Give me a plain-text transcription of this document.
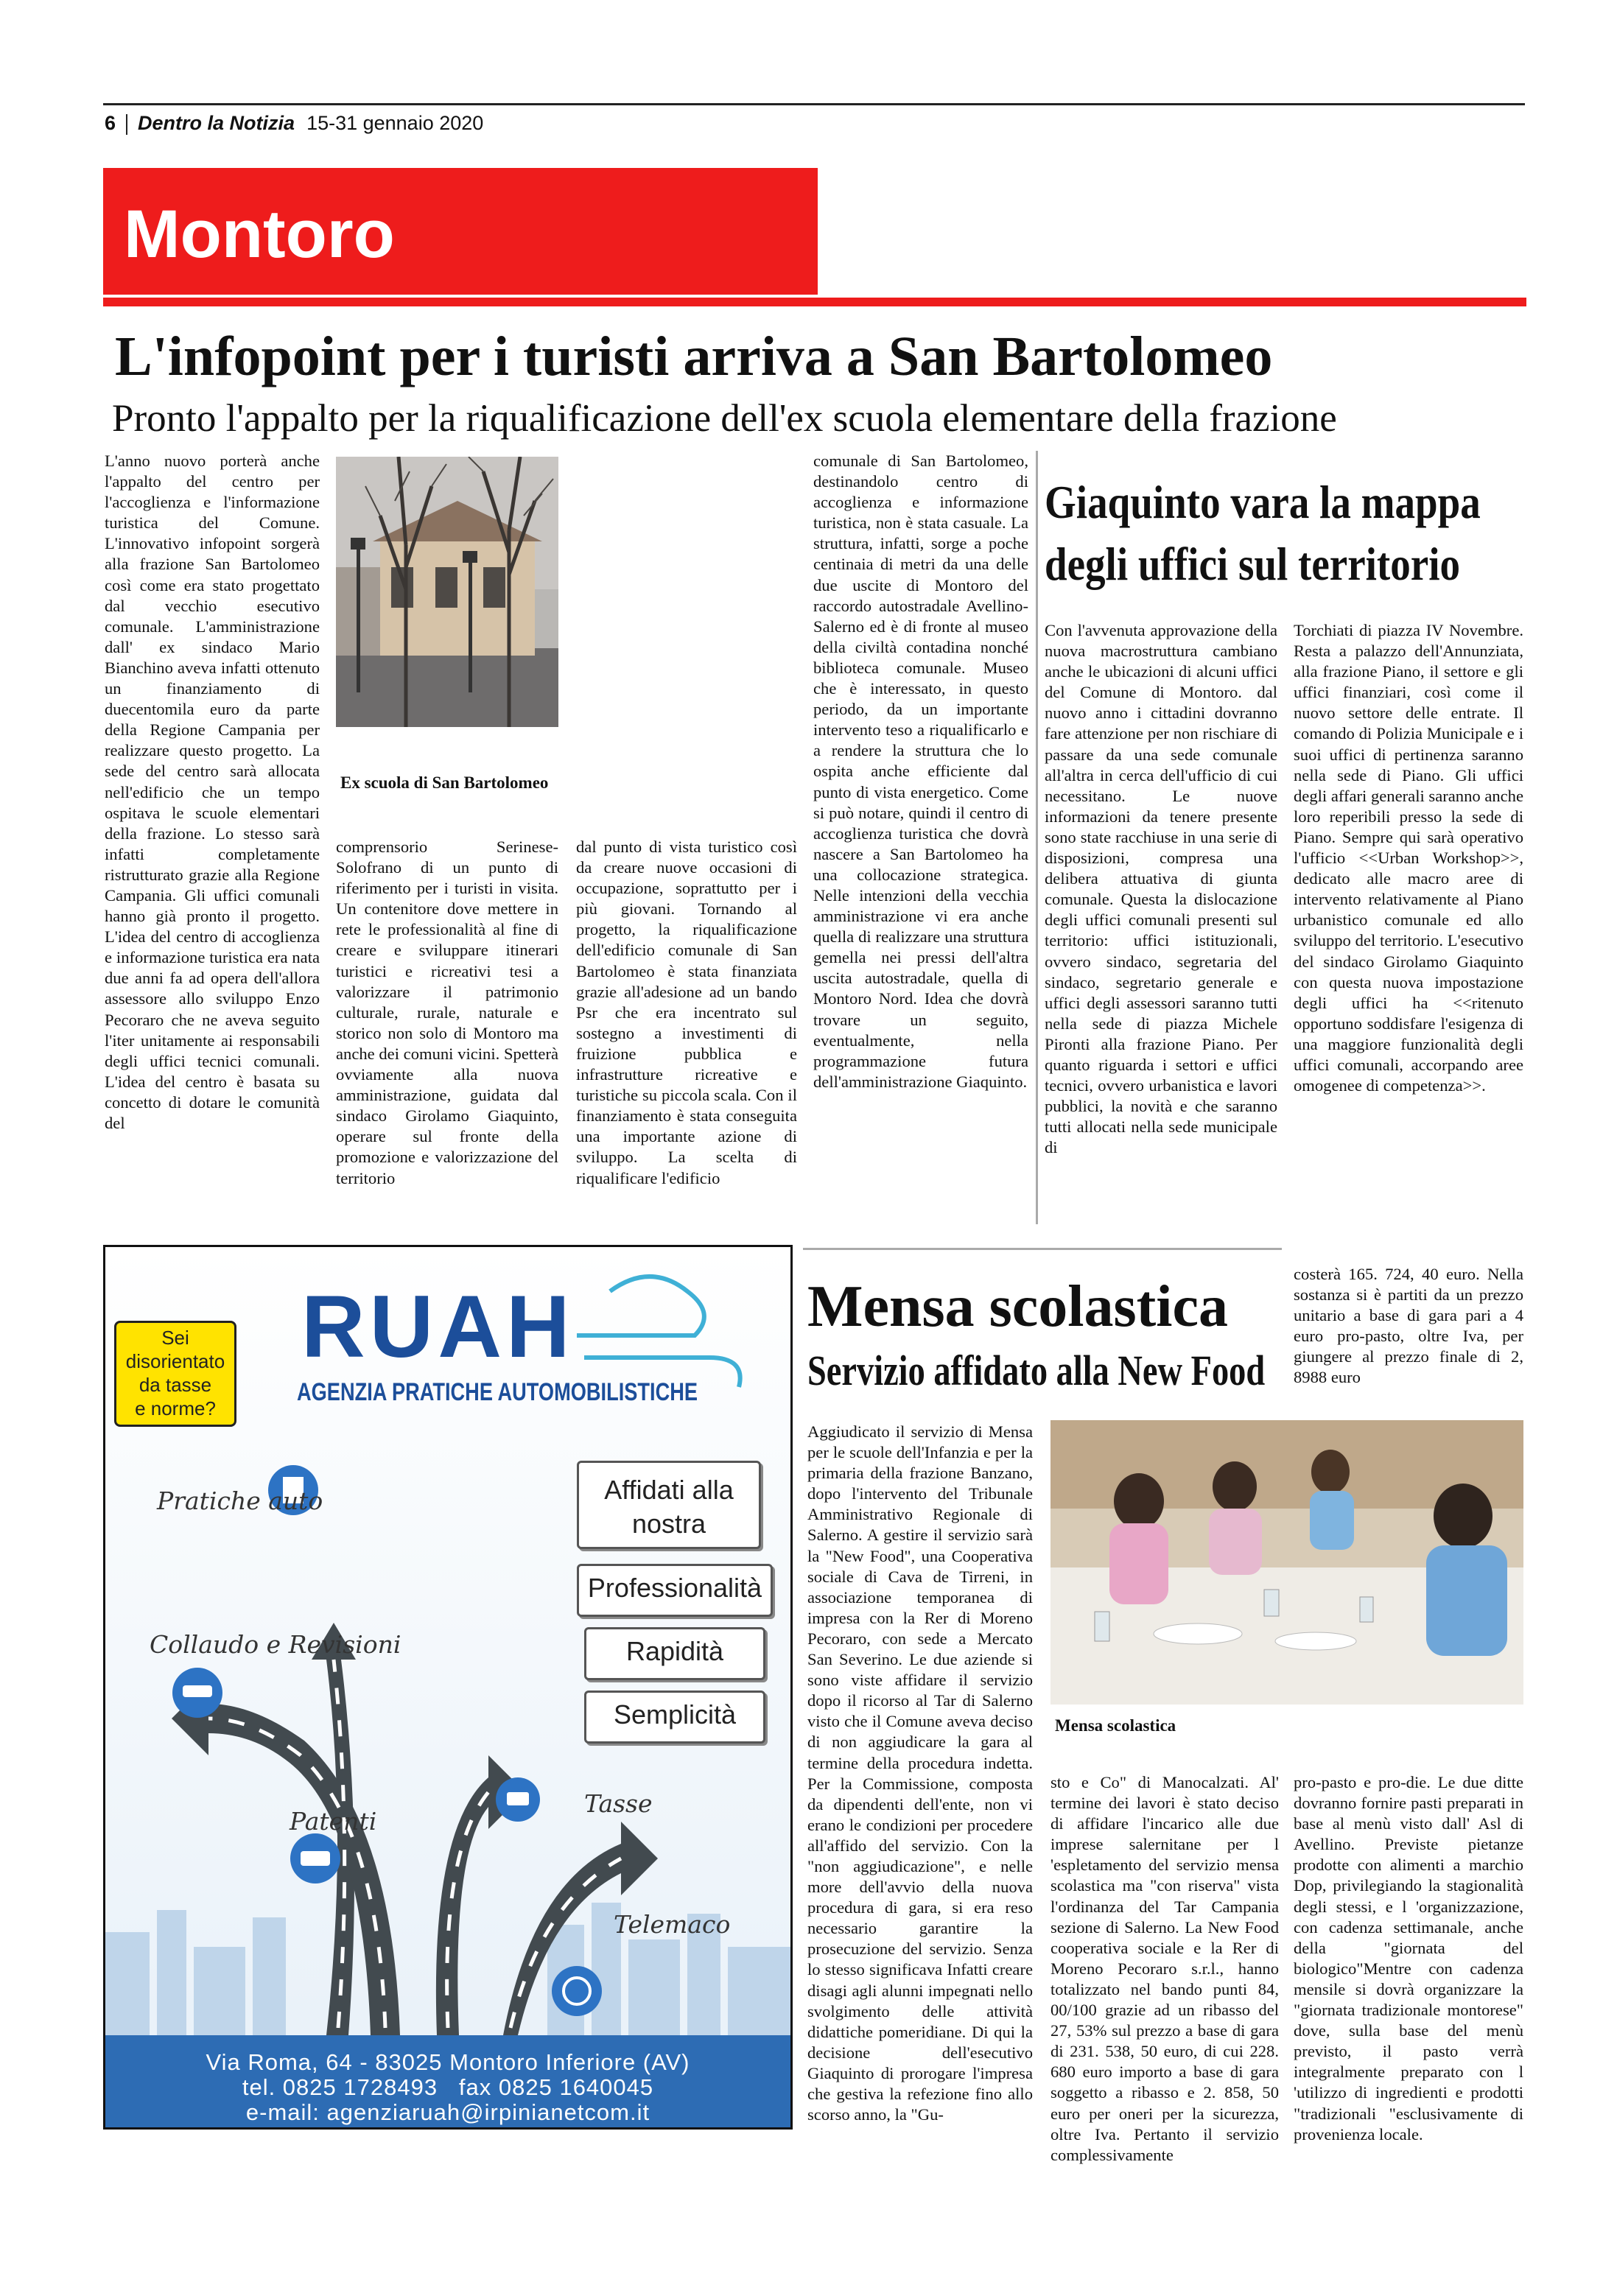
6 Dentro la Notizia 15-31 gennaio 2020
Montoro
L'infopoint per i turisti arriva a San Bartolomeo
Pronto l'appalto per la riqualificazione dell'ex scuola elementare della frazione

L'anno nuovo porterà anche l'appalto del centro per l'accoglienza e l'informazione turistica del Comune. L'innovativo infopoint sorgerà alla frazione San Bartolomeo così come era stato progettato dal vecchio esecutivo comunale. L'amministrazione dall' ex sindaco Mario Bianchino aveva infatti ottenuto un finanziamento di duecentomila euro da parte della Regione Campania per realizzare questo progetto. La sede del centro sarà allocata nell'edificio che un tempo ospitava le scuole elementari della frazione. Lo stesso sarà infatti completamente ristrutturato grazie alla Regione Campania. Gli uffici comunali hanno già pronto il progetto. L'idea del centro di accoglienza e informazione turistica era nata due anni fa ad opera dell'allora assessore allo sviluppo Enzo Pecoraro che ne aveva seguito l'iter unitamente ai responsabili degli uffici tecnici comunali. L'idea del centro è basata su concetto di dotare le comunità del

Ex scuola di San Bartolomeo

comprensorio Serinese-Solofrano di un punto di riferimento per i turisti in visita. Un contenitore dove mettere in rete le professionalità al fine di creare e sviluppare itinerari turistici e ricreativi tesi a valorizzare il patrimonio culturale, rurale, naturale e storico non solo di Montoro ma anche dei comuni vicini. Spetterà ovviamente alla nuova amministrazione, guidata dal sindaco Girolamo Giaquinto, operare sul fronte della promozione e valorizzazione del territorio

dal punto di vista turistico così da creare nuove occasioni di occupazione, soprattutto per i più giovani. Tornando al progetto, la riqualificazione dell'edificio comunale di San Bartolomeo è stata finanziata grazie all'adesione ad un bando Psr che era incentrato sul sostegno a investimenti di fruizione pubblica e infrastrutture ricreative e turistiche su piccola scala. Con il finanziamento è stata conseguita una importante azione di sviluppo. La scelta di riqualificare l'edificio

comunale di San Bartolomeo, destinandolo centro di accoglienza e informazione turistica, non è stata casuale. La struttura, infatti, sorge a poche centinaia di metri da una delle due uscite di Montoro del raccordo autostradale Avellino-Salerno ed è di fronte al museo della civiltà contadina nonché biblioteca comunale. Museo che è interessato, in questo periodo, da un importante intervento teso a riqualificarlo e a rendere la struttura che lo ospita anche efficiente dal punto di vista energetico. Come si può notare, quindi il centro di accoglienza turistica che dovrà nascere a San Bartolomeo ha una collocazione strategica. Nelle intenzioni della vecchia amministrazione vi era anche quella di realizzare una struttura gemella nei pressi dell'altra uscita autostradale, quella di Montoro Nord. Idea che dovrà trovare un seguito, eventualmente, nella programmazione futura dell'amministrazione Giaquinto.

Giaquinto vara la mappa
degli uffici sul territorio

Con l'avvenuta approvazione della nuova macrostruttura cambiano anche le ubicazioni di alcuni uffici del Comune di Montoro. dal nuovo anno i cittadini dovranno fare attenzione per non rischiare di passare da una sede comunale all'altra in cerca dell'ufficio di cui necessitano. Le nuove informazioni da tenere presente sono state racchiuse in una serie di disposizioni, compresa una delibera attuativa di giunta comunale. Questa la dislocazione degli uffici comunali presenti sul territorio: uffici istituzionali, ovvero sindaco, segretaria del sindaco, segretario generale e uffici degli assessori saranno tutti nella sede di piazza Michele Pironti alla frazione Piano. Per quanto riguarda i settori e uffici tecnici, ovvero urbanistica e lavori pubblici, la novità e che saranno tutti allocati nella sede municipale di

Torchiati di piazza IV Novembre. Resta a palazzo dell'Annunziata, alla frazione Piano, il settore e gli uffici finanziari, così come il nuovo settore delle entrate. Il comando di Polizia Municipale e i suoi uffici di pertinenza saranno nella sede di Piano. Gli uffici degli affari generali saranno anche loro reperibili presso la sede di Piano. Sempre qui sarà operativo l'ufficio <<Urban Workshop>>, dedicato alle macro aree di intervento relativamente al Piano urbanistico comunale ed allo sviluppo del territorio. L'esecutivo del sindaco Girolamo Giaquinto con questa nuova impostazione degli uffici ha <<ritenuto opportuno soddisfare l'esigenza di una maggiore funzionalità degli uffici comunali, accorpando aree omogenee di competenza>>.

Mensa scolastica
Servizio affidato alla New Food

costerà 165. 724, 40 euro. Nella sostanza si è partiti da un prezzo unitario a base di gara pari a 4 euro pro-pasto, oltre Iva, per giungere al prezzo finale di 2, 8988 euro

Mensa scolastica

Aggiudicato il servizio di Mensa per le scuole dell'Infanzia e per la primaria della frazione Banzano, dopo l'intervento del Tribunale Amministrativo Regionale di Salerno. A gestire il servizio sarà la "New Food", una Cooperativa sociale di Cava de Tirreni, in associazione temporanea di impresa con la Rer di Moreno Pecoraro, con sede a Mercato San Severino. Le due aziende si sono viste affidare il servizio dopo il ricorso al Tar di Salerno visto che il Comune aveva deciso di non aggiudicare la gara al termine della procedura indetta. Per la Commissione, composta da dipendenti dell'ente, non vi erano le condizioni per procedere all'affido del servizio. Con la "non aggiudicazione", e nelle more dell'avvio della nuova procedura di gara, si era reso necessario garantire la prosecuzione del servizio. Senza lo stesso significava Infatti creare disagi agli alunni impegnati nello svolgimento delle attività didattiche pomeridiane. Di qui la decisione dell'esecutivo Giaquinto di prorogare l'impresa che gestiva la refezione fino allo scorso anno, la "Gu-

sto e Co" di Manocalzati. Al' termine dei lavori è stato deciso di affidare l'incarico alle due imprese salernitane per l 'espletamento del servizio mensa scolastica ma "con riserva" vista l'ordinanza del Tar Campania sezione di Salerno. La New Food cooperativa sociale e la Rer di Moreno Pecoraro s.r.l., hanno totalizzato nel bando punti 84, 00/100 grazie ad un ribasso del 27, 53% sul prezzo a base di gara di 231. 538, 50 euro, di cui 228. 680 euro importo a base di gara soggetto a ribasso e 2. 858, 50 euro per oneri per la sicurezza, oltre Iva. Pertanto il servizio complessivamente

pro-pasto e pro-die. Le due ditte dovranno fornire pasti preparati in base al menù visto dall' Asl di Avellino. Previste pietanze prodotte con alimenti a marchio Dop, privilegiando la stagionalità degli stessi, e l 'organizzazione, con cadenza settimanale, anche della "giornata del biologico"Mentre con cadenza mensile si dovrà organizzare la "giornata tradizionale montorese" dove, sulla base del menù previsto, il pasto verrà integralmente preparato con l 'utilizzo di ingredienti e prodotti "tradizionali "esclusivamente di provenienza locale.

RUAH
AGENZIA PRATICHE AUTOMOBILISTICHE
Sei
disorientato
da tasse
e norme?
Affidati alla nostra
Professionalità
Rapidità
Semplicità
Pratiche auto
Collaudo e Revisioni
Tasse
Patenti
Telemaco
Via Roma, 64 - 83025 Montoro Inferiore (AV)
tel. 0825 1728493   fax 0825 1640045
e-mail: agenziaruah@irpinianetcom.it
